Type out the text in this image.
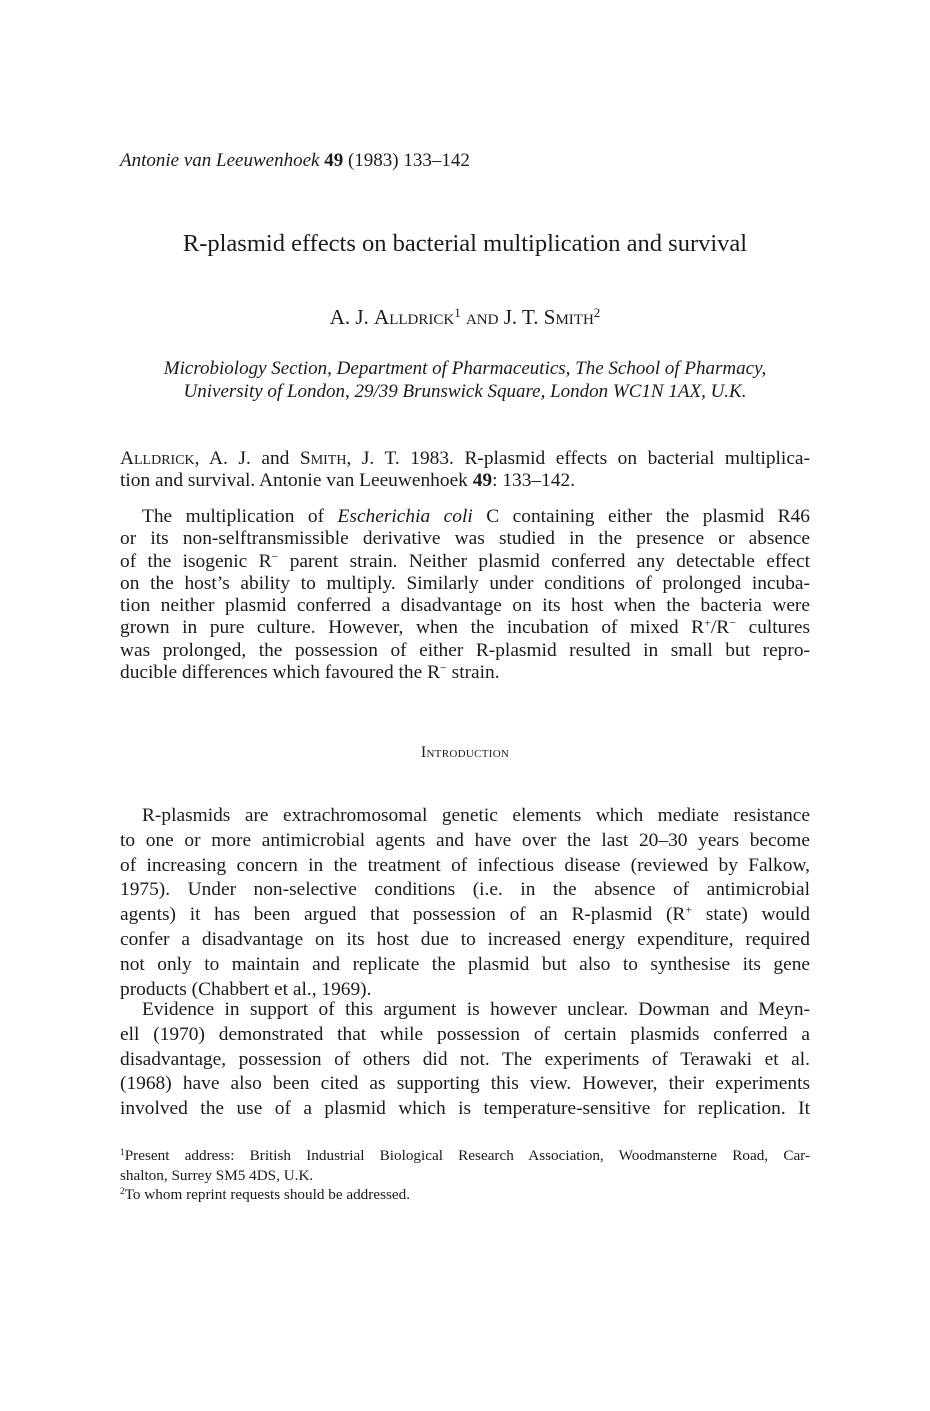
Antonie van Leeuwenhoek 49 (1983) 133–142
R-plasmid effects on bacterial multiplication and survival
A. J. Alldrick$^1$ and J. T. Smith$^2$
Microbiology Section, Department of Pharmaceutics, The School of Pharmacy,
University of London, 29/39 Brunswick Square, London WC1N 1AX, U.K.
Alldrick, A. J. and Smith, J. T. 1983. R-plasmid effects on bacterial multiplica-
tion and survival. Antonie van Leeuwenhoek 49: 133–142.
The multiplication of Escherichia coli C containing either the plasmid R46
or its non-selftransmissible derivative was studied in the presence or absence
of the isogenic R− parent strain. Neither plasmid conferred any detectable effect
on the host’s ability to multiply. Similarly under conditions of prolonged incuba-
tion neither plasmid conferred a disadvantage on its host when the bacteria were
grown in pure culture. However, when the incubation of mixed R+/R− cultures
was prolonged, the possession of either R-plasmid resulted in small but repro-
ducible differences which favoured the R− strain.
Introduction
R-plasmids are extrachromosomal genetic elements which mediate resistance
to one or more antimicrobial agents and have over the last 20–30 years become
of increasing concern in the treatment of infectious disease (reviewed by Falkow,
1975). Under non-selective conditions (i.e. in the absence of antimicrobial
agents) it has been argued that possession of an R-plasmid (R+ state) would
confer a disadvantage on its host due to increased energy expenditure, required
not only to maintain and replicate the plasmid but also to synthesise its gene
products (Chabbert et al., 1969).
Evidence in support of this argument is however unclear. Dowman and Meyn-
ell (1970) demonstrated that while possession of certain plasmids conferred a
disadvantage, possession of others did not. The experiments of Terawaki et al.
(1968) have also been cited as supporting this view. However, their experiments
involved the use of a plasmid which is temperature-sensitive for replication. It
$^1$Present address: British Industrial Biological Research Association, Woodmansterne Road, Car-
shalton, Surrey SM5 4DS, U.K.
$^2$To whom reprint requests should be addressed.
